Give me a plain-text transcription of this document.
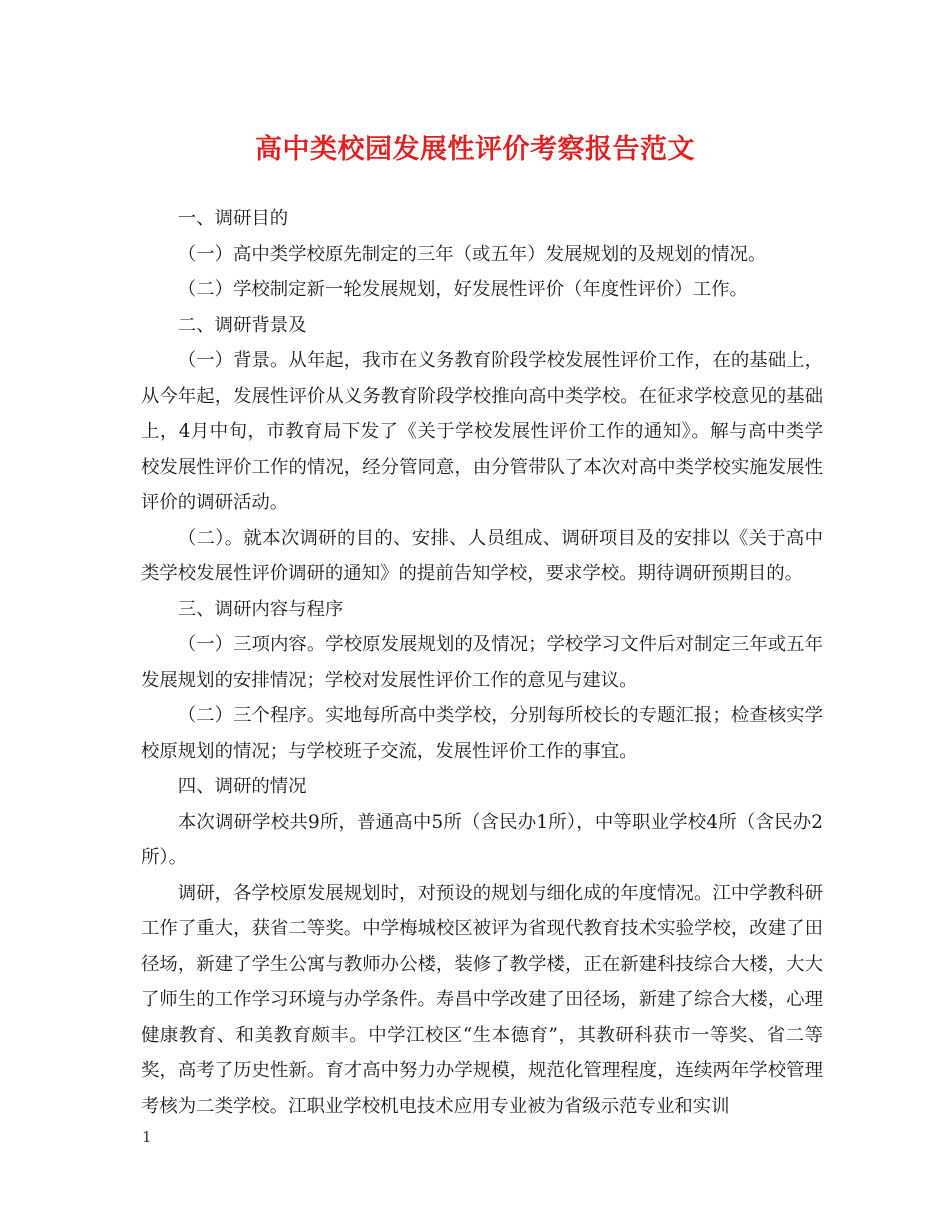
高中类校园发展性评价考察报告范文

一、调研目的

（一）高中类学校原先制定的三年（或五年）发展规划的及规划的情况。

（二）学校制定新一轮发展规划，好发展性评价（年度性评价）工作。

二、调研背景及

（一）背景。从年起，我市在义务教育阶段学校发展性评价工作，在的基础上，从今年起，发展性评价从义务教育阶段学校推向高中类学校。在征求学校意见的基础上，4月中旬，市教育局下发了《关于学校发展性评价工作的通知》。解与高中类学校发展性评价工作的情况，经分管同意，由分管带队了本次对高中类学校实施发展性评价的调研活动。

（二）。就本次调研的目的、安排、人员组成、调研项目及的安排以《关于高中类学校发展性评价调研的通知》的提前告知学校，要求学校。期待调研预期目的。

三、调研内容与程序

（一）三项内容。学校原发展规划的及情况；学校学习文件后对制定三年或五年发展规划的安排情况；学校对发展性评价工作的意见与建议。

（二）三个程序。实地每所高中类学校，分别每所校长的专题汇报；检查核实学校原规划的情况；与学校班子交流，发展性评价工作的事宜。

四、调研的情况

本次调研学校共9所，普通高中5所（含民办1所），中等职业学校4所（含民办2所）。

调研，各学校原发展规划时，对预设的规划与细化成的年度情况。江中学教科研工作了重大，获省二等奖。中学梅城校区被评为省现代教育技术实验学校，改建了田径场，新建了学生公寓与教师办公楼，装修了教学楼，正在新建科技综合大楼，大大了师生的工作学习环境与办学条件。寿昌中学改建了田径场，新建了综合大楼，心理健康教育、和美教育颇丰。中学江校区“生本德育”，其教研科获市一等奖、省二等奖，高考了历史性新。育才高中努力办学规模，规范化管理程度，连续两年学校管理考核为二类学校。江职业学校机电技术应用专业被为省级示范专业和实训

1
